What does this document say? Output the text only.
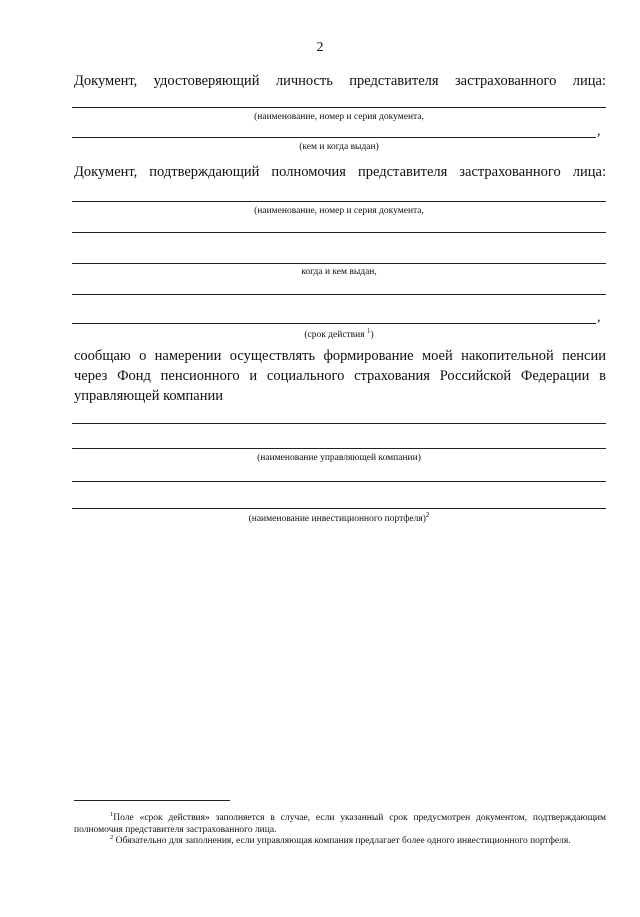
2
Документ, удостоверяющий личность представителя застрахованного лица:
(наименование, номер и серия документа,
,
(кем и когда выдан)
Документ, подтверждающий полномочия представителя застрахованного лица:
(наименование, номер и серия документа,
когда и кем выдан,
,
(срок действия $^1$)
сообщаю о намерении осуществлять формирование моей накопительной пенсии через Фонд пенсионного и социального страхования Российской Федерации в управляющей компании
(наименование управляющей компании)
(наименование инвестиционного портфеля)$^2$
$^1$Поле «срок действия» заполняется в случае, если указанный срок предусмотрен документом, подтверждающим полномочия представителя застрахованного лица.
$^2$ Обязательно для заполнения, если управляющая компания предлагает более одного инвестиционного портфеля.
